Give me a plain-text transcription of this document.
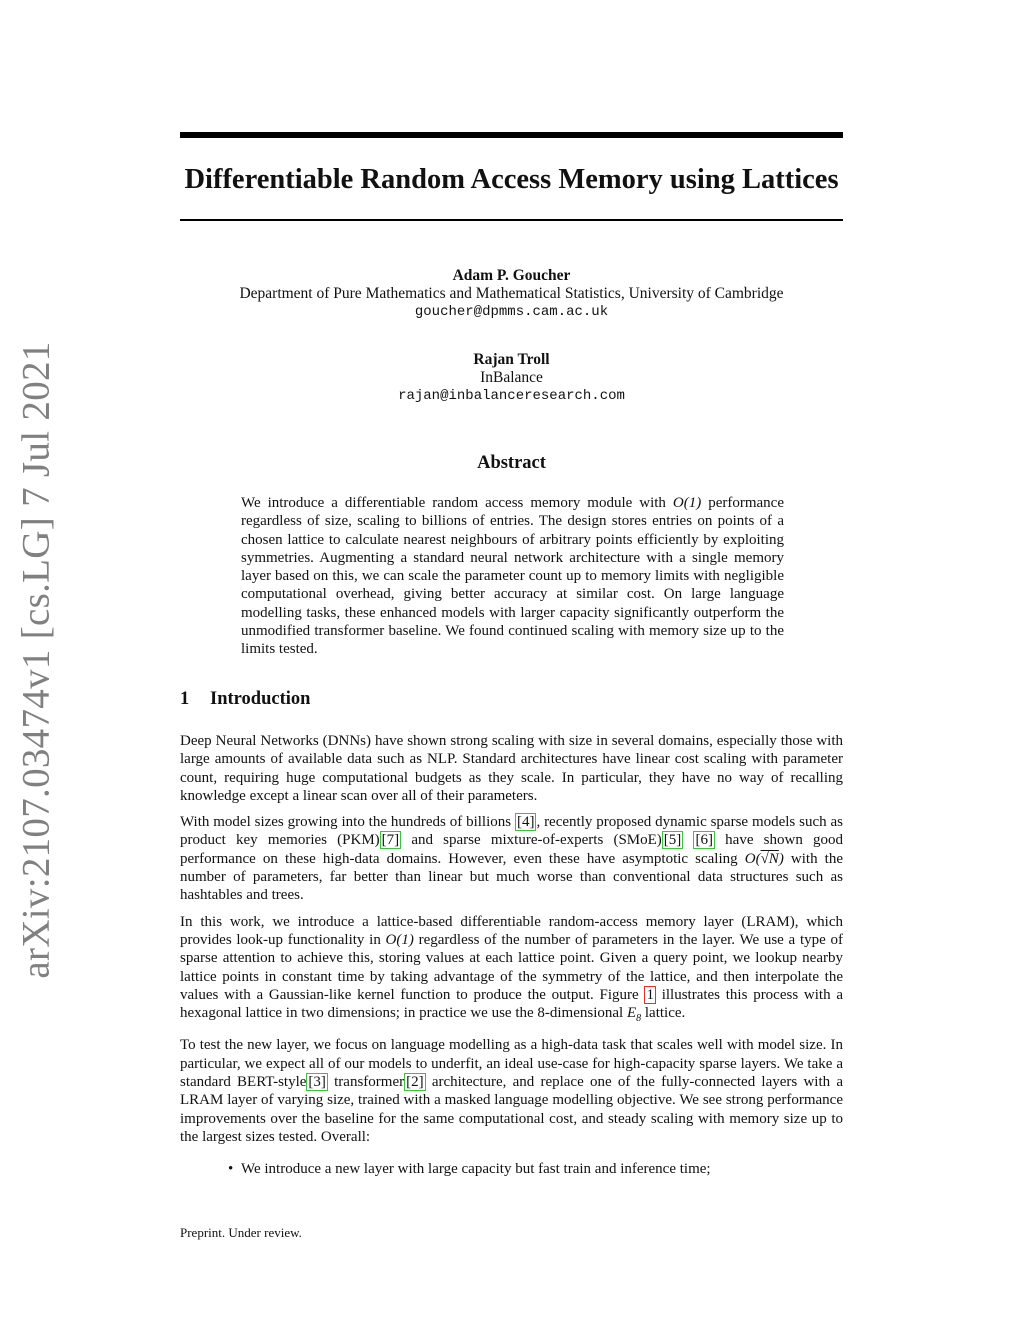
arXiv:2107.03474v1 [cs.LG] 7 Jul 2021
Differentiable Random Access Memory using Lattices
Adam P. Goucher
Department of Pure Mathematics and Mathematical Statistics, University of Cambridge
goucher@dpmms.cam.ac.uk
Rajan Troll
InBalance
rajan@inbalanceresearch.com
Abstract

We introduce a differentiable random access memory module with O(1) performance regardless of size, scaling to billions of entries. The design stores entries on points of a chosen lattice to calculate nearest neighbours of arbitrary points efficiently by exploiting symmetries. Augmenting a standard neural network architecture with a single memory layer based on this, we can scale the parameter count up to memory limits with negligible computational overhead, giving better accuracy at similar cost. On large language modelling tasks, these enhanced models with larger capacity significantly outperform the unmodified transformer baseline. We found continued scaling with memory size up to the limits tested.

1 Introduction

Deep Neural Networks (DNNs) have shown strong scaling with size in several domains, especially those with large amounts of available data such as NLP. Standard architectures have linear cost scaling with parameter count, requiring huge computational budgets as they scale. In particular, they have no way of recalling knowledge except a linear scan over all of their parameters.

With model sizes growing into the hundreds of billions [4] , recently proposed dynamic sparse models such as product key memories (PKM) [7] and sparse mixture-of-experts (SMoE) [5] [6] have shown good performance on these high-data domains. However, even these have asymptotic scaling O(√N) with the number of parameters, far better than linear but much worse than conventional data structures such as hashtables and trees.

In this work, we introduce a lattice-based differentiable random-access memory layer (LRAM), which provides look-up functionality in O(1) regardless of the number of parameters in the layer. We use a type of sparse attention to achieve this, storing values at each lattice point. Given a query point, we lookup nearby lattice points in constant time by taking advantage of the symmetry of the lattice, and then interpolate the values with a Gaussian-like kernel function to produce the output. Figure 1 illustrates this process with a hexagonal lattice in two dimensions; in practice we use the 8-dimensional $E_8$ lattice.

To test the new layer, we focus on language modelling as a high-data task that scales well with model size. In particular, we expect all of our models to underfit, an ideal use-case for high-capacity sparse layers. We take a standard BERT-style [3] transformer [2] architecture, and replace one of the fully-connected layers with a LRAM layer of varying size, trained with a masked language modelling objective. We see strong performance improvements over the baseline for the same computational cost, and steady scaling with memory size up to the largest sizes tested. Overall:

• We introduce a new layer with large capacity but fast train and inference time;
Preprint. Under review.
